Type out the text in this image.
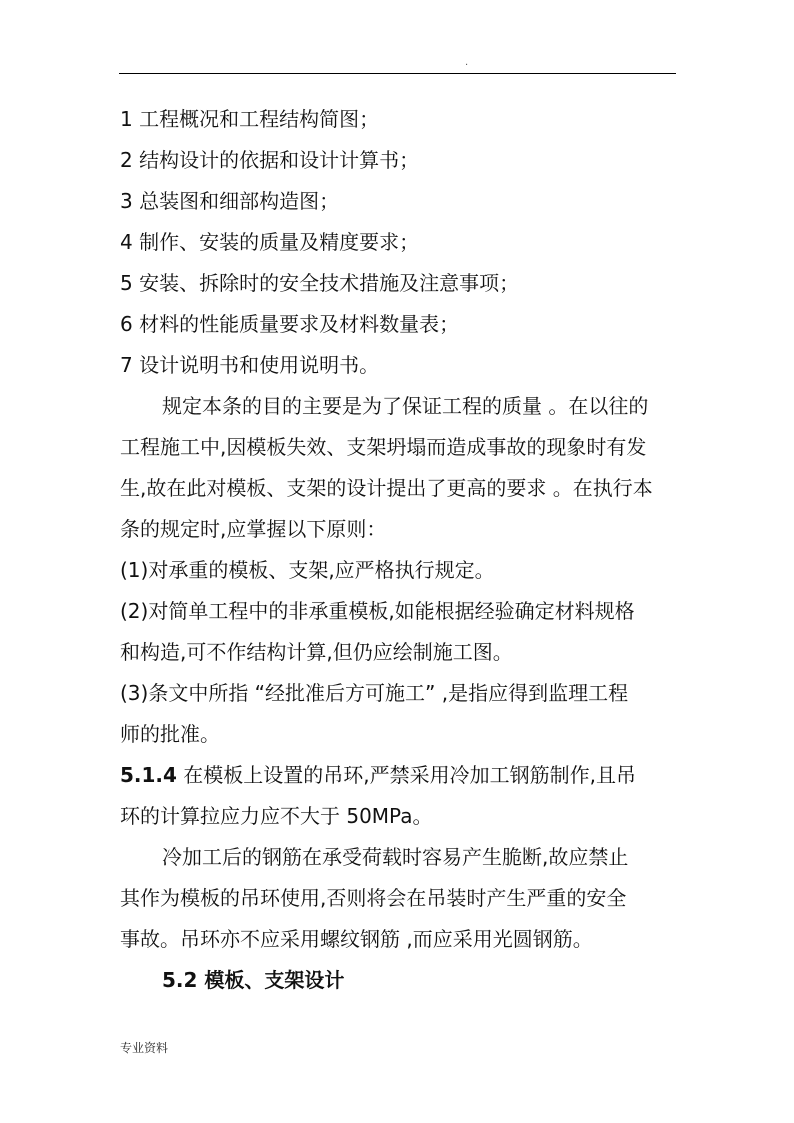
.

1 工程概况和工程结构简图；

2 结构设计的依据和设计计算书；

3 总装图和细部构造图；

4 制作、安装的质量及精度要求；

5 安装、拆除时的安全技术措施及注意事项；

6 材料的性能质量要求及材料数量表；

7 设计说明书和使用说明书。

规定本条的目的主要是为了保证工程的质量 。在以往的

工程施工中,因模板失效、支架坍塌而造成事故的现象时有发

生,故在此对模板、支架的设计提出了更高的要求 。在执行本

条的规定时,应掌握以下原则：

(1)对承重的模板、支架,应严格执行规定。

(2)对简单工程中的非承重模板,如能根据经验确定材料规格

和构造,可不作结构计算,但仍应绘制施工图。

(3)条文中所指 “经批准后方可施工” ,是指应得到监理工程

师的批准。

5.1.4 在模板上设置的吊环,严禁采用冷加工钢筋制作,且吊

环的计算拉应力应不大于 50MPa。

冷加工后的钢筋在承受荷载时容易产生脆断,故应禁止

其作为模板的吊环使用,否则将会在吊装时产生严重的安全

事故。吊环亦不应采用螺纹钢筋 ,而应采用光圆钢筋。

5.2 模板、支架设计

专业资料
